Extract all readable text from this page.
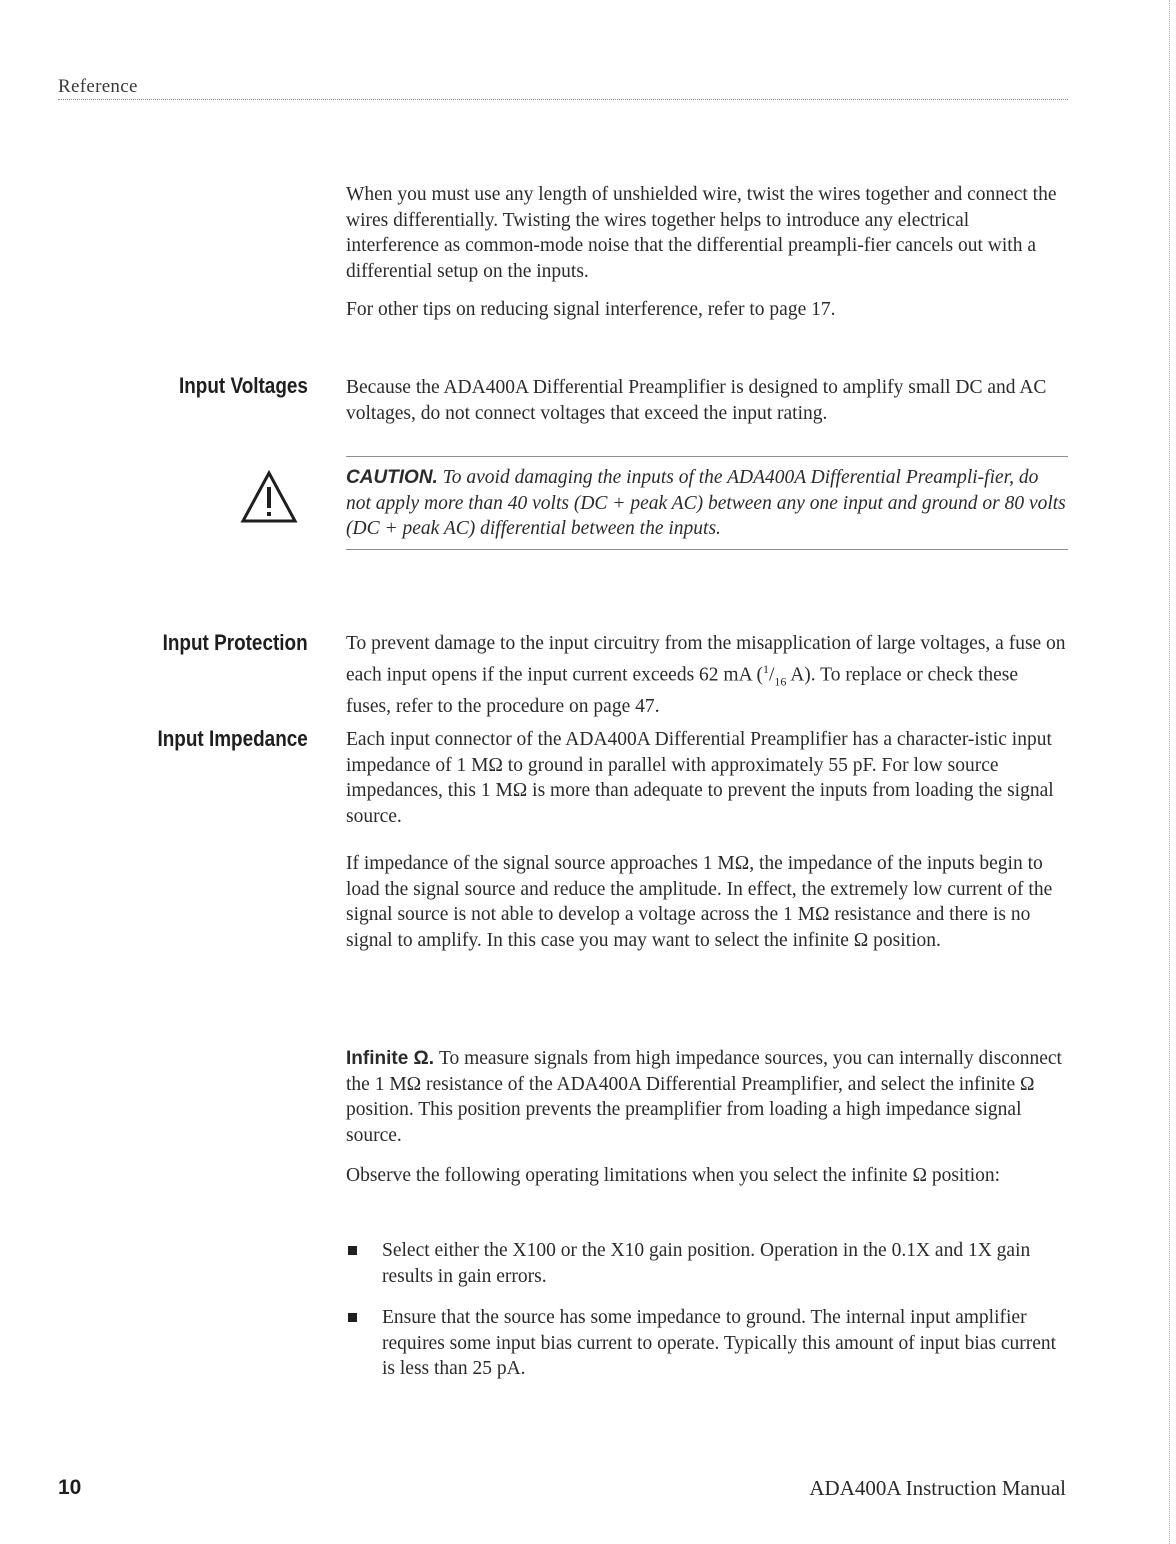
Reference

When you must use any length of unshielded wire, twist the wires together and connect the wires differentially. Twisting the wires together helps to introduce any electrical interference as common-mode noise that the differential preampli-fier cancels out with a differential setup on the inputs.

For other tips on reducing signal interference, refer to page 17.

Input Voltages Because the ADA400A Differential Preamplifier is designed to amplify small DC and AC voltages, do not connect voltages that exceed the input rating.

CAUTION. To avoid damaging the inputs of the ADA400A Differential Preampli-fier, do not apply more than 40 volts (DC + peak AC) between any one input and ground or 80 volts (DC + peak AC) differential between the inputs.

Input Protection To prevent damage to the input circuitry from the misapplication of large voltages, a fuse on each input opens if the input current exceeds 62 mA ($^1/_{16}$ A). To replace or check these fuses, refer to the procedure on page 47.

Input Impedance Each input connector of the ADA400A Differential Preamplifier has a character-istic input impedance of 1 MΩ to ground in parallel with approximately 55 pF. For low source impedances, this 1 MΩ is more than adequate to prevent the inputs from loading the signal source.

If impedance of the signal source approaches 1 MΩ, the impedance of the inputs begin to load the signal source and reduce the amplitude. In effect, the extremely low current of the signal source is not able to develop a voltage across the 1 MΩ resistance and there is no signal to amplify. In this case you may want to select the infinite Ω position.

Infinite Ω. To measure signals from high impedance sources, you can internally disconnect the 1 MΩ resistance of the ADA400A Differential Preamplifier, and select the infinite Ω position. This position prevents the preamplifier from loading a high impedance signal source.

Observe the following operating limitations when you select the infinite Ω position:

Select either the X100 or the X10 gain position. Operation in the 0.1X and 1X gain results in gain errors.

Ensure that the source has some impedance to ground. The internal input amplifier requires some input bias current to operate. Typically this amount of input bias current is less than 25 pA.

10	ADA400A Instruction Manual
